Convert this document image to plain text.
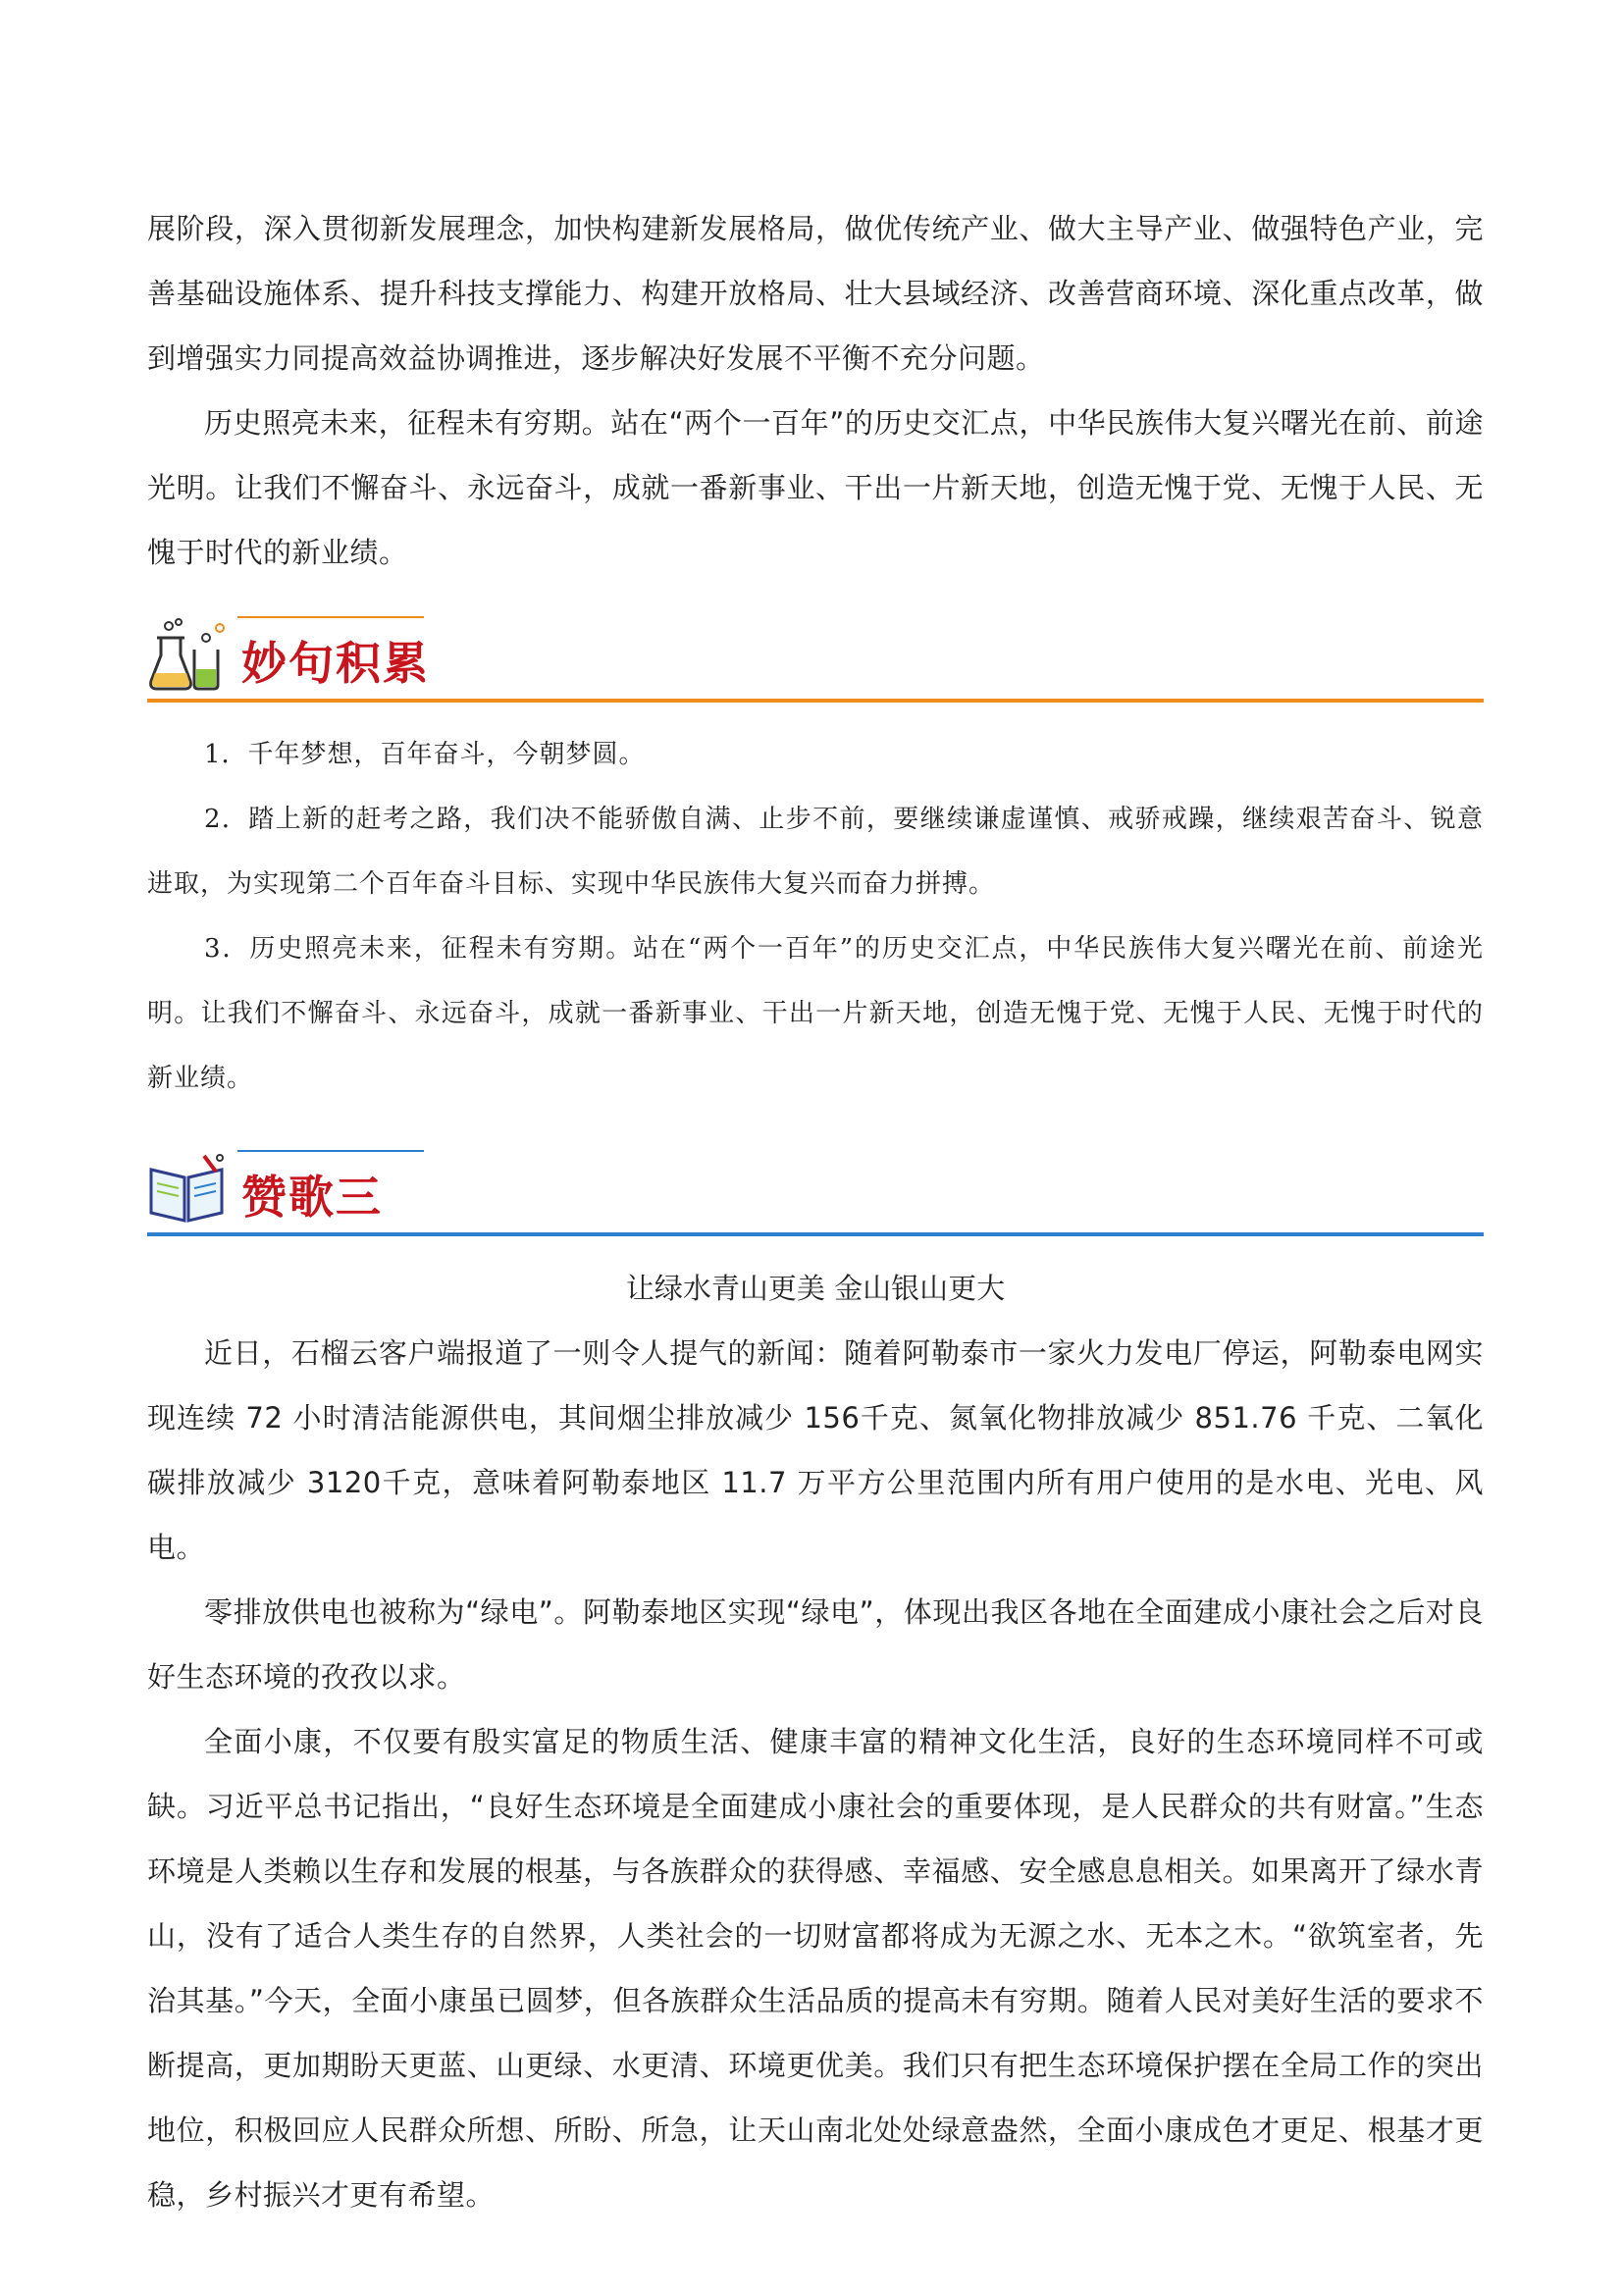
展阶段，深入贯彻新发展理念，加快构建新发展格局，做优传统产业、做大主导产业、做强特色产业，完善基础设施体系、提升科技支撑能力、构建开放格局、壮大县域经济、改善营商环境、深化重点改革，做到增强实力同提高效益协调推进，逐步解决好发展不平衡不充分问题。

历史照亮未来，征程未有穷期。站在“两个一百年”的历史交汇点，中华民族伟大复兴曙光在前、前途光明。让我们不懈奋斗、永远奋斗，成就一番新事业、干出一片新天地，创造无愧于党、无愧于人民、无愧于时代的新业绩。

妙句积累

1．千年梦想，百年奋斗，今朝梦圆。

2．踏上新的赶考之路，我们决不能骄傲自满、止步不前，要继续谦虚谨慎、戒骄戒躁，继续艰苦奋斗、锐意进取，为实现第二个百年奋斗目标、实现中华民族伟大复兴而奋力拼搏。

3．历史照亮未来，征程未有穷期。站在“两个一百年”的历史交汇点，中华民族伟大复兴曙光在前、前途光明。让我们不懈奋斗、永远奋斗，成就一番新事业、干出一片新天地，创造无愧于党、无愧于人民、无愧于时代的新业绩。

赞歌三

让绿水青山更美 金山银山更大

近日，石榴云客户端报道了一则令人提气的新闻：随着阿勒泰市一家火力发电厂停运，阿勒泰电网实现连续 72 小时清洁能源供电，其间烟尘排放减少 156千克、氮氧化物排放减少 851.76 千克、二氧化碳排放减少 3120千克，意味着阿勒泰地区 11.7 万平方公里范围内所有用户使用的是水电、光电、风电。

零排放供电也被称为“绿电”。阿勒泰地区实现“绿电”，体现出我区各地在全面建成小康社会之后对良好生态环境的孜孜以求。

全面小康，不仅要有殷实富足的物质生活、健康丰富的精神文化生活，良好的生态环境同样不可或缺。习近平总书记指出，“良好生态环境是全面建成小康社会的重要体现，是人民群众的共有财富。”生态环境是人类赖以生存和发展的根基，与各族群众的获得感、幸福感、安全感息息相关。如果离开了绿水青山，没有了适合人类生存的自然界，人类社会的一切财富都将成为无源之水、无本之木。“欲筑室者，先治其基。”今天，全面小康虽已圆梦，但各族群众生活品质的提高未有穷期。随着人民对美好生活的要求不断提高，更加期盼天更蓝、山更绿、水更清、环境更优美。我们只有把生态环境保护摆在全局工作的突出地位，积极回应人民群众所想、所盼、所急，让天山南北处处绿意盎然，全面小康成色才更足、根基才更稳，乡村振兴才更有希望。
